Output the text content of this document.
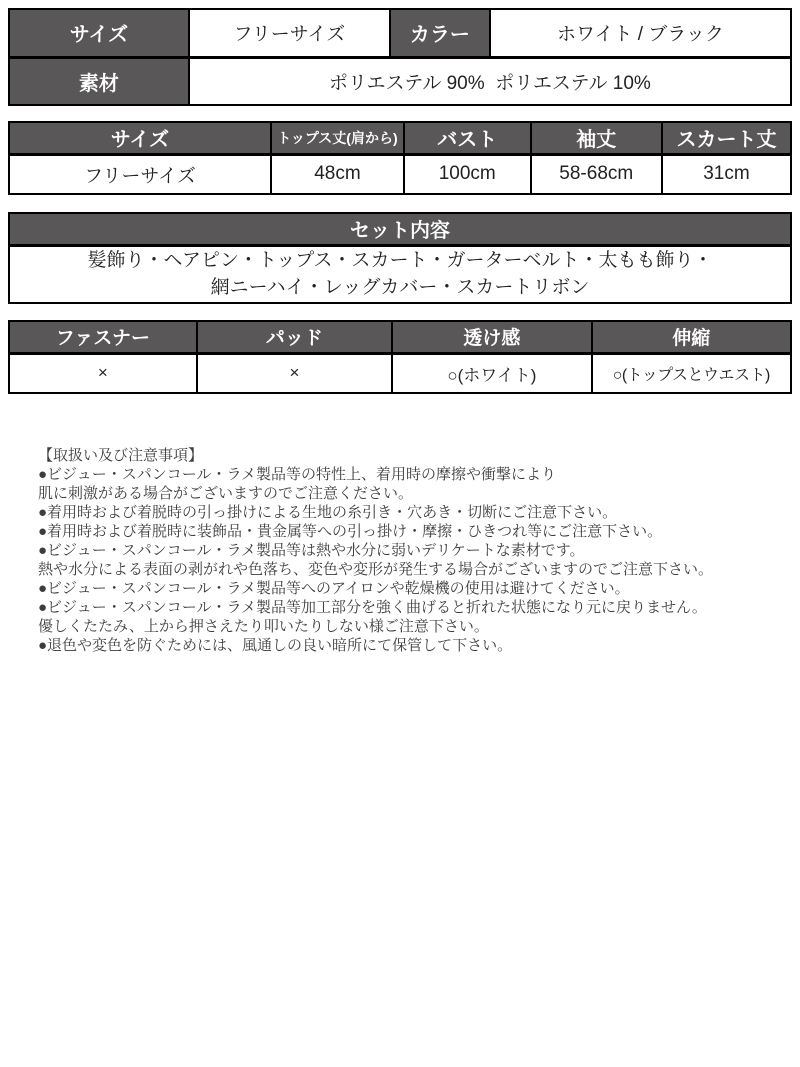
サイズ	フリーサイズ	カラー	ホワイト / ブラック
素材	ポリエステル 90%  ポリエステル 10%		
サイズ	トップス丈(肩から)	バスト	袖丈	スカート丈
フリーサイズ	48cm	100cm	58-68cm	31cm
セット内容

髪飾り・ヘアピン・トップス・スカート・ガーターベルト・太もも飾り・
網ニーハイ・レッグカバー・スカートリボン
ファスナー	パッド	透け感	伸縮
×	×	○(ホワイト)	○(トップスとウエスト)
【取扱い及び注意事項】
●ビジュー・スパンコール・ラメ製品等の特性上、着用時の摩擦や衝撃により
肌に刺激がある場合がございますのでご注意ください。
●着用時および着脱時の引っ掛けによる生地の糸引き・穴あき・切断にご注意下さい。
●着用時および着脱時に装飾品・貴金属等への引っ掛け・摩擦・ひきつれ等にご注意下さい。
●ビジュー・スパンコール・ラメ製品等は熱や水分に弱いデリケートな素材です。
熱や水分による表面の剥がれや色落ち、変色や変形が発生する場合がございますのでご注意下さい。
●ビジュー・スパンコール・ラメ製品等へのアイロンや乾燥機の使用は避けてください。
●ビジュー・スパンコール・ラメ製品等加工部分を強く曲げると折れた状態になり元に戻りません。
優しくたたみ、上から押さえたり叩いたりしない様ご注意下さい。
●退色や変色を防ぐためには、風通しの良い暗所にて保管して下さい。
